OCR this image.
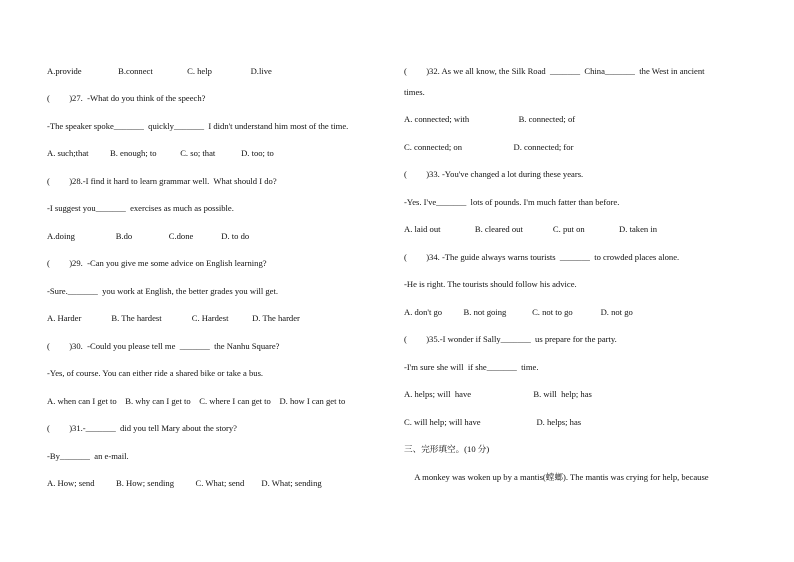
A.provide                 B.connect                C. help                  D.live
(         )27.  -What do you think of the speech?
-The speaker spoke_______  quickly_______  I didn't understand him most of the time.
A. such;that          B. enough; to           C. so; that            D. too; to
(         )28.-I find it hard to learn grammar well.  What should I do?
-I suggest you_______  exercises as much as possible.
A.doing                   B.do                 C.done             D. to do
(         )29.  -Can you give me some advice on English learning?
-Sure._______  you work at English, the better grades you will get.
A. Harder              B. The hardest              C. Hardest           D. The harder
(         )30.  -Could you please tell me  _______  the Nanhu Square?
-Yes, of course. You can either ride a shared bike or take a bus.
A. when can I get to    B. why can I get to    C. where I can get to    D. how I can get to
(         )31.-_______  did you tell Mary about the story?
-By_______  an e-mail.
A. How; send          B. How; sending          C. What; send        D. What; sending
(         )32. As we all know, the Silk Road  _______  China_______  the West in ancient
times.
A. connected; with                       B. connected; of
C. connected; on                        D. connected; for
(         )33. -You've changed a lot during these years.
-Yes. I've_______  lots of pounds. I'm much fatter than before.
A. laid out                B. cleared out              C. put on                D. taken in
(         )34. -The guide always warns tourists  _______  to crowded places alone.
-He is right. The tourists should follow his advice.
A. don't go          B. not going            C. not to go             D. not go
(         )35.-I wonder if Sally_______  us prepare for the party.
-I'm sure she will  if she_______  time.
A. helps; will  have                             B. will  help; has
C. will help; will have                          D. helps; has
三、完形填空。(10 分)
A monkey was woken up by a mantis(螳螂). The mantis was crying for help, because
